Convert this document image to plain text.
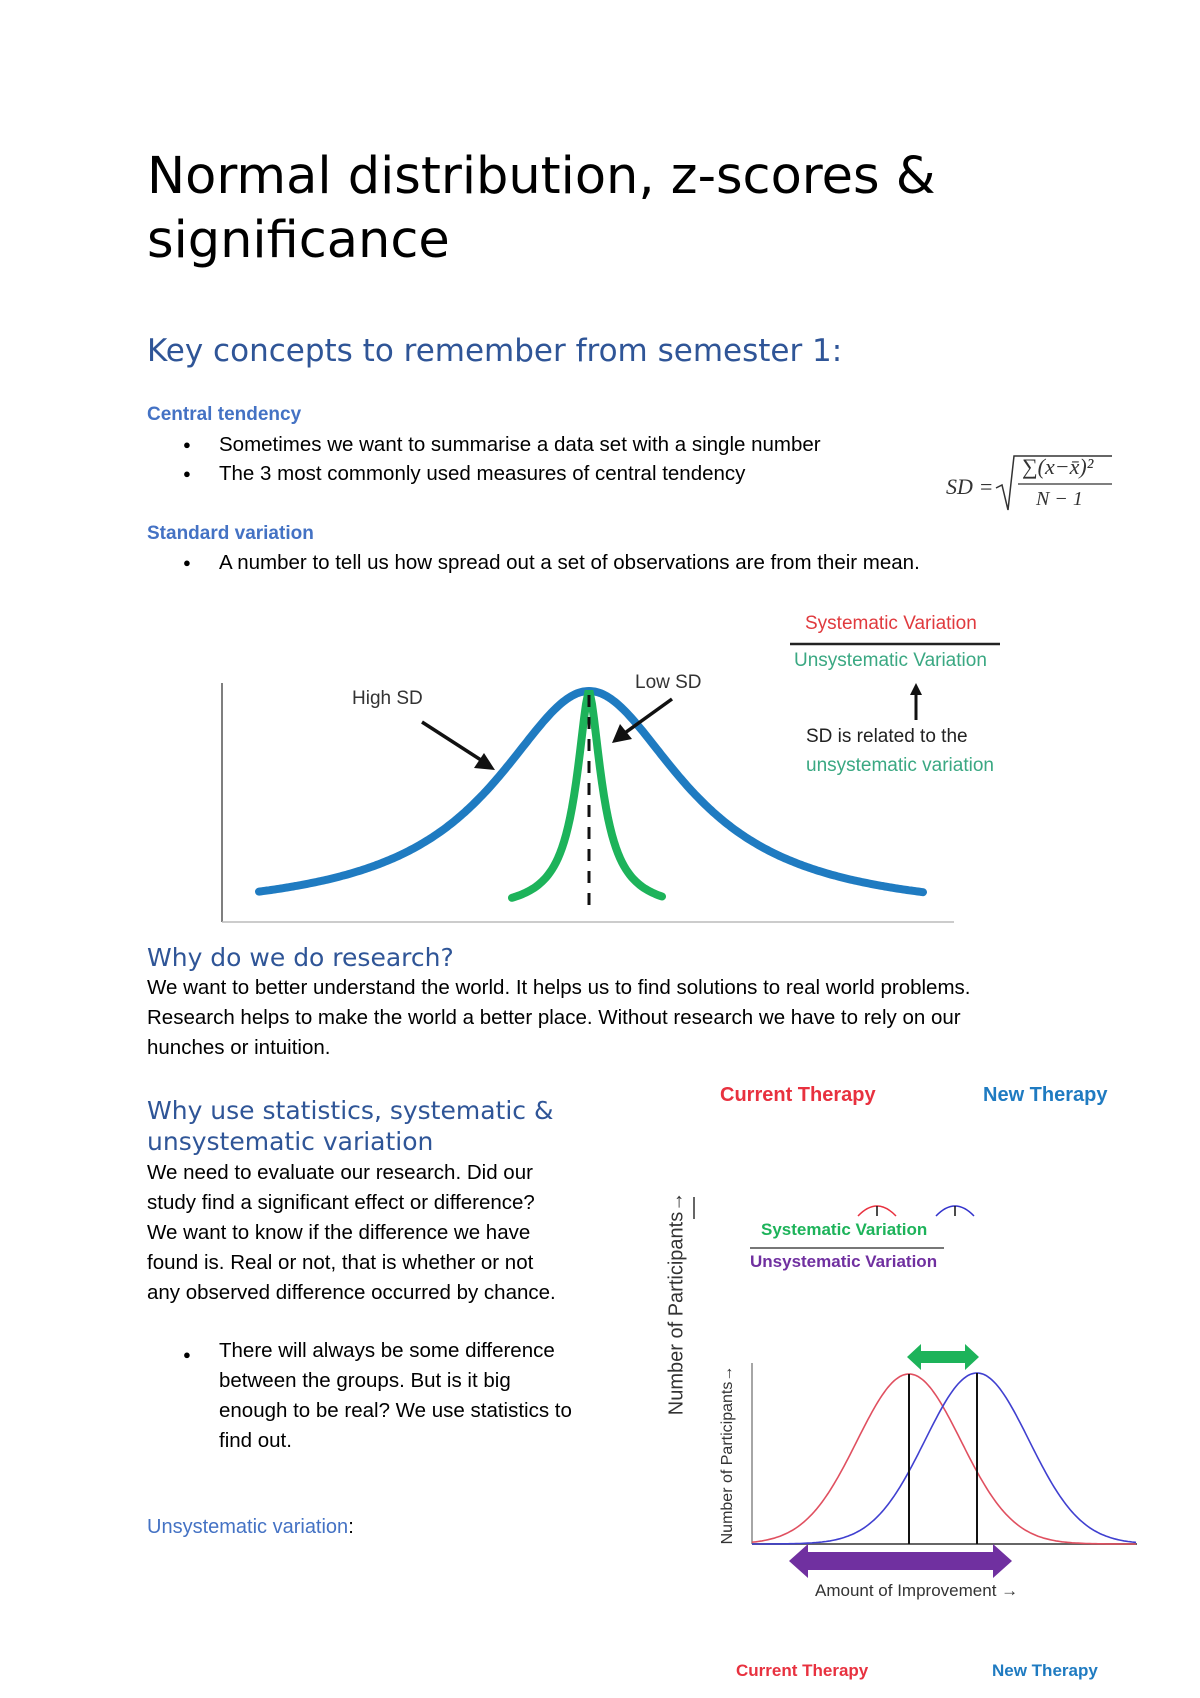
Normal distribution, z-scores & significance
Key concepts to remember from semester 1:
Central tendency
● Sometimes we want to summarise a data set with a single number
● The 3 most commonly used measures of central tendency
SD =
∑(x−x̄)²
N − 1
Standard variation
● A number to tell us how spread out a set of observations are from their mean.
High SD
Low SD
Systematic Variation
Unsystematic Variation
SD is related to the
unsystematic variation
Why do we do research?
We want to better understand the world. It helps us to find solutions to real world problems.
Research helps to make the world a better place. Without research we have to rely on our
hunches or intuition.
Why use statistics, systematic &
unsystematic variation
We need to evaluate our research. Did our
study find a significant effect or difference?
We want to know if the difference we have
found is. Real or not, that is whether or not
any observed difference occurred by chance.
● There will always be some difference
between the groups. But is it big
enough to be real? We use statistics to
find out.
Unsystematic variation:
Current Therapy	New Therapy
Number of Participants→
Number of Participants→
Systematic Variation
Unsystematic Variation
Amount of Improvement →
Current Therapy	New Therapy
